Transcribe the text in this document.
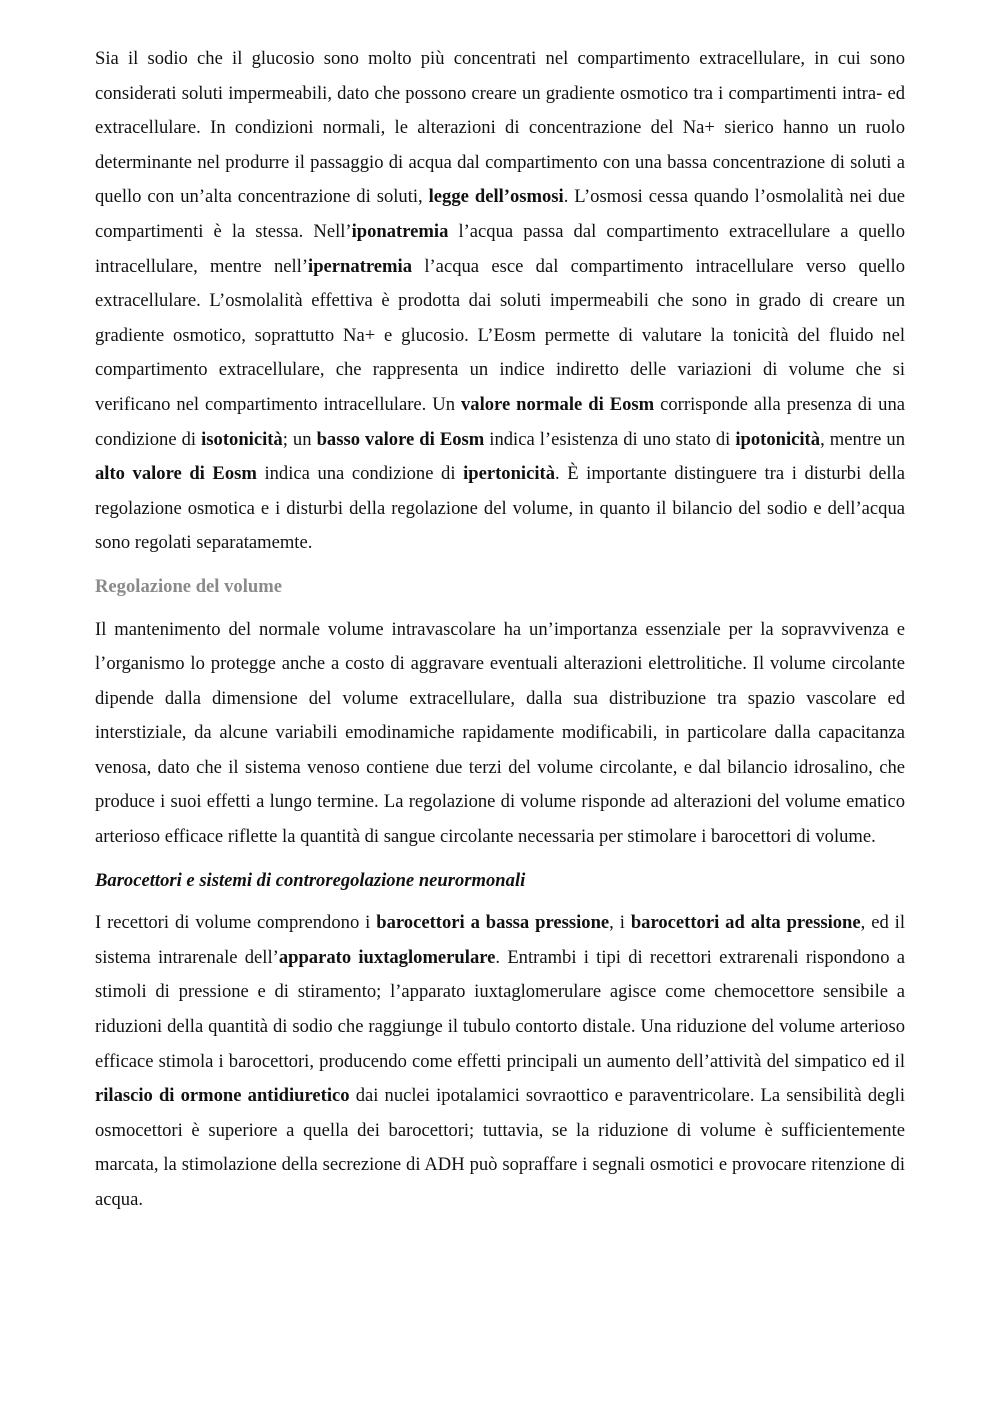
Sia il sodio che il glucosio sono molto più concentrati nel compartimento extracellulare, in cui sono considerati soluti impermeabili, dato che possono creare un gradiente osmotico tra i compartimenti intra- ed extracellulare. In condizioni normali, le alterazioni di concentrazione del Na+ sierico hanno un ruolo determinante nel produrre il passaggio di acqua dal compartimento con una bassa concentrazione di soluti a quello con un’alta concentrazione di soluti, legge dell’osmosi. L’osmosi cessa quando l’osmolalità nei due compartimenti è la stessa. Nell’iponatremia l’acqua passa dal compartimento extracellulare a quello intracellulare, mentre nell’ipernatremia l’acqua esce dal compartimento intracellulare verso quello extracellulare. L’osmolalità effettiva è prodotta dai soluti impermeabili che sono in grado di creare un gradiente osmotico, soprattutto Na+ e glucosio. L’Eosm permette di valutare la tonicità del fluido nel compartimento extracellulare, che rappresenta un indice indiretto delle variazioni di volume che si verificano nel compartimento intracellulare. Un valore normale di Eosm corrisponde alla presenza di una condizione di isotonicità; un basso valore di Eosm indica l’esistenza di uno stato di ipotonicità, mentre un alto valore di Eosm indica una condizione di ipertonicità. È importante distinguere tra i disturbi della regolazione osmotica e i disturbi della regolazione del volume, in quanto il bilancio del sodio e dell’acqua sono regolati separatamemte.

Regolazione del volume

Il mantenimento del normale volume intravascolare ha un’importanza essenziale per la sopravvivenza e l’organismo lo protegge anche a costo di aggravare eventuali alterazioni elettrolitiche. Il volume circolante dipende dalla dimensione del volume extracellulare, dalla sua distribuzione tra spazio vascolare ed interstiziale, da alcune variabili emodinamiche rapidamente modificabili, in particolare dalla capacitanza venosa, dato che il sistema venoso contiene due terzi del volume circolante, e dal bilancio idrosalino, che produce i suoi effetti a lungo termine. La regolazione di volume risponde ad alterazioni del volume ematico arterioso efficace riflette la quantità di sangue circolante necessaria per stimolare i barocettori di volume.

Barocettori e sistemi di controregolazione neurormonali

I recettori di volume comprendono i barocettori a bassa pressione, i barocettori ad alta pressione, ed il sistema intrarenale dell’apparato iuxtaglomerulare. Entrambi i tipi di recettori extrarenali rispondono a stimoli di pressione e di stiramento; l’apparato iuxtaglomerulare agisce come chemocettore sensibile a riduzioni della quantità di sodio che raggiunge il tubulo contorto distale. Una riduzione del volume arterioso efficace stimola i barocettori, producendo come effetti principali un aumento dell’attività del simpatico ed il rilascio di ormone antidiuretico dai nuclei ipotalamici sovraottico e paraventricolare. La sensibilità degli osmocettori è superiore a quella dei barocettori; tuttavia, se la riduzione di volume è sufficientemente marcata, la stimolazione della secrezione di ADH può sopraffare i segnali osmotici e provocare ritenzione di acqua.
